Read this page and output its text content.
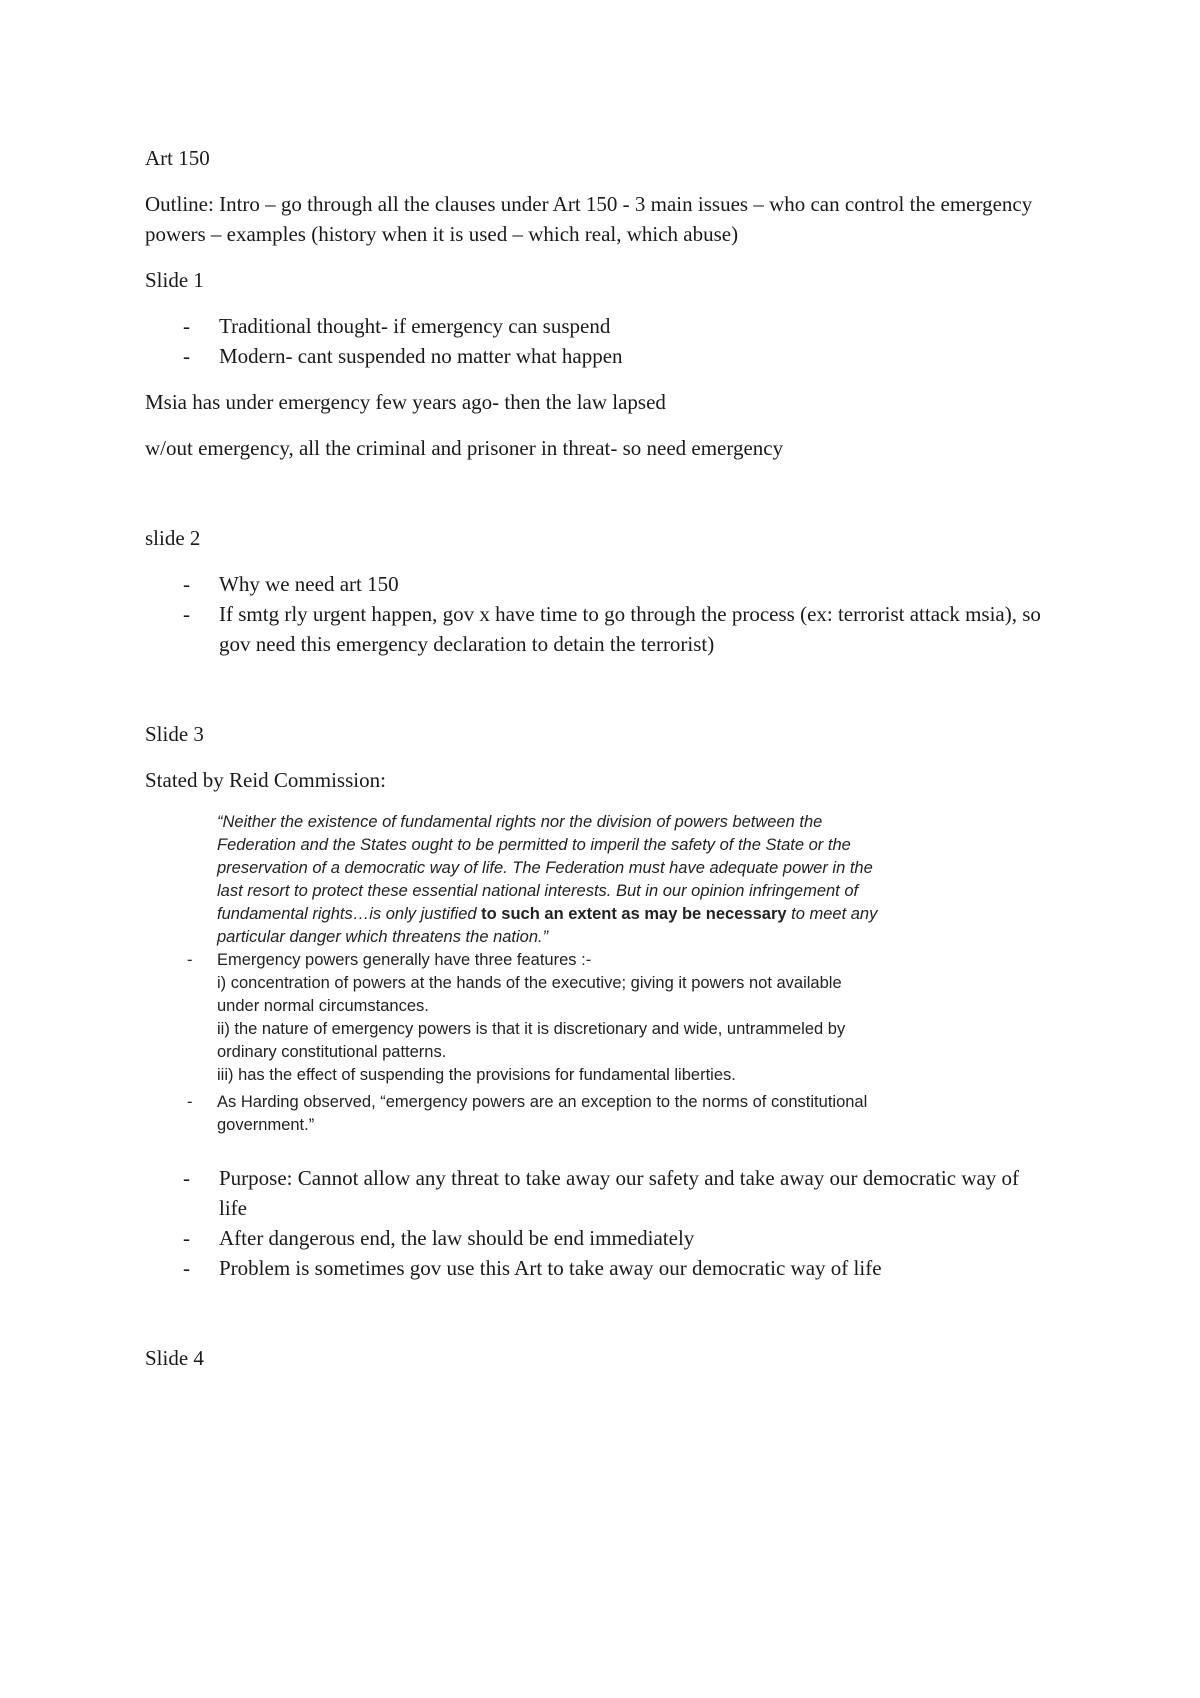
Art 150

Outline: Intro – go through all the clauses under Art 150 - 3 main issues – who can control the emergency powers – examples (history when it is used – which real, which abuse)

Slide 1

- Traditional thought- if emergency can suspend
- Modern- cant suspended no matter what happen

Msia has under emergency few years ago- then the law lapsed

w/out emergency, all the criminal and prisoner in threat- so need emergency

slide 2

- Why we need art 150
- If smtg rly urgent happen, gov x have time to go through the process (ex: terrorist attack msia), so gov need this emergency declaration to detain the terrorist)

Slide 3

Stated by Reid Commission:

“Neither the existence of fundamental rights nor the division of powers between the Federation and the States ought to be permitted to imperil the safety of the State or the preservation of a democratic way of life. The Federation must have adequate power in the last resort to protect these essential national interests. But in our opinion infringement of fundamental rights…is only justified to such an extent as may be necessary to meet any particular danger which threatens the nation.”
- Emergency powers generally have three features :-
i) concentration of powers at the hands of the executive; giving it powers not available under normal circumstances.
ii) the nature of emergency powers is that it is discretionary and wide, untrammeled by ordinary constitutional patterns.
iii) has the effect of suspending the provisions for fundamental liberties.
- As Harding observed, “emergency powers are an exception to the norms of constitutional government.”
- Purpose: Cannot allow any threat to take away our safety and take away our democratic way of life
- After dangerous end, the law should be end immediately
- Problem is sometimes gov use this Art to take away our democratic way of life

Slide 4
